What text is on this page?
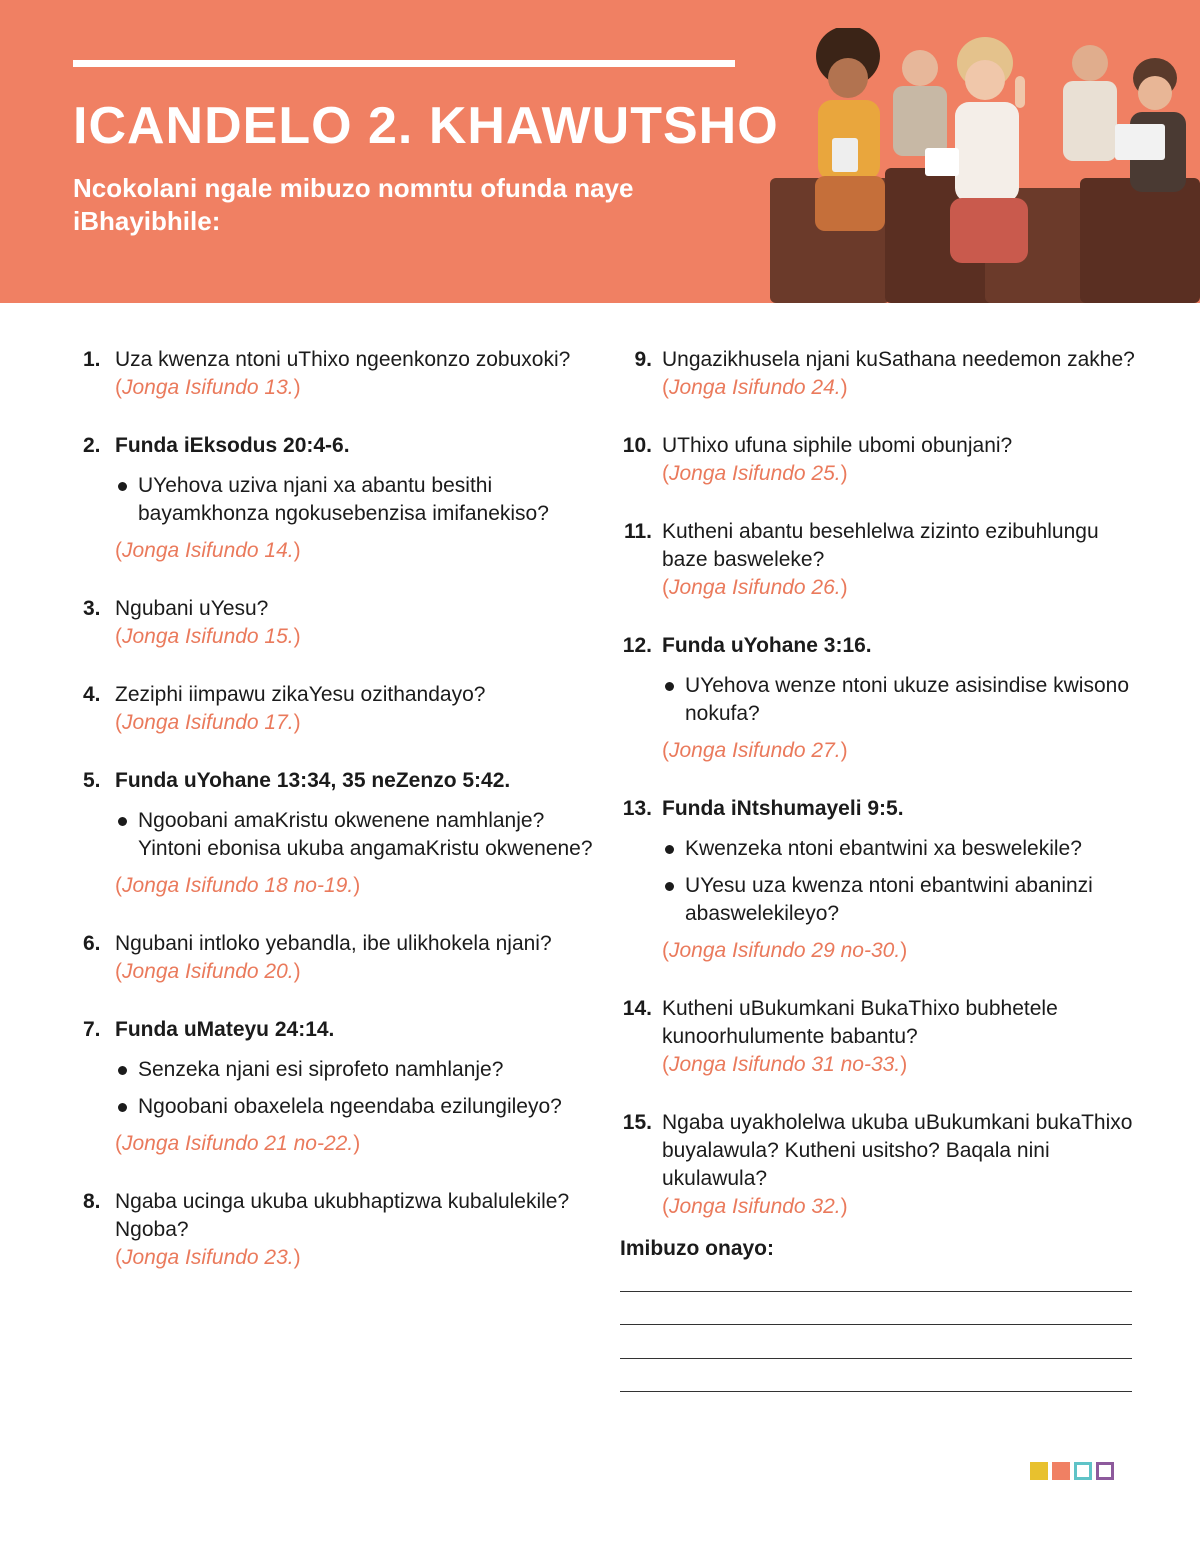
ICANDELO 2. KHAWUTSHO

Ncokolani ngale mibuzo nomntu ofunda naye iBhayibhile:

1. Uza kwenza ntoni uThixo ngeenkonzo zobuxoki?
(Jonga Isifundo 13.)
2. Funda iEksodus 20:4-6.
UYehova uziva njani xa abantu besithi bayamkhonza ngokusebenzisa imifanekiso?
(Jonga Isifundo 14.)
3. Ngubani uYesu?
(Jonga Isifundo 15.)
4. Zeziphi iimpawu zikaYesu ozithandayo?
(Jonga Isifundo 17.)
5. Funda uYohane 13:34, 35 neZenzo 5:42.
Ngoobani amaKristu okwenene namhlanje? Yintoni ebonisa ukuba angamaKristu okwenene?
(Jonga Isifundo 18 no-19.)
6. Ngubani intloko yebandla, ibe ulikhokela njani?
(Jonga Isifundo 20.)
7. Funda uMateyu 24:14.
Senzeka njani esi siprofeto namhlanje?
Ngoobani obaxelela ngeendaba ezilungileyo?
(Jonga Isifundo 21 no-22.)
8. Ngaba ucinga ukuba ukubhaptizwa kubalulekile? Ngoba?
(Jonga Isifundo 23.)
9. Ungazikhusela njani kuSathana needemon zakhe?
(Jonga Isifundo 24.)
10. UThixo ufuna siphile ubomi obunjani?
(Jonga Isifundo 25.)
11. Kutheni abantu besehlelwa zizinto ezibuhlungu baze basweleke?
(Jonga Isifundo 26.)
12. Funda uYohane 3:16.
UYehova wenze ntoni ukuze asisindise kwisono nokufa?
(Jonga Isifundo 27.)
13. Funda iNtshumayeli 9:5.
Kwenzeka ntoni ebantwini xa beswelekile?
UYesu uza kwenza ntoni ebantwini abaninzi abaswelekileyo?
(Jonga Isifundo 29 no-30.)
14. Kutheni uBukumkani BukaThixo bubhetele kunoorhulumente babantu?
(Jonga Isifundo 31 no-33.)
15. Ngaba uyakholelwa ukuba uBukumkani bukaThixo buyalawula? Kutheni usitsho? Baqala nini ukulawula?
(Jonga Isifundo 32.)
Imibuzo onayo:
